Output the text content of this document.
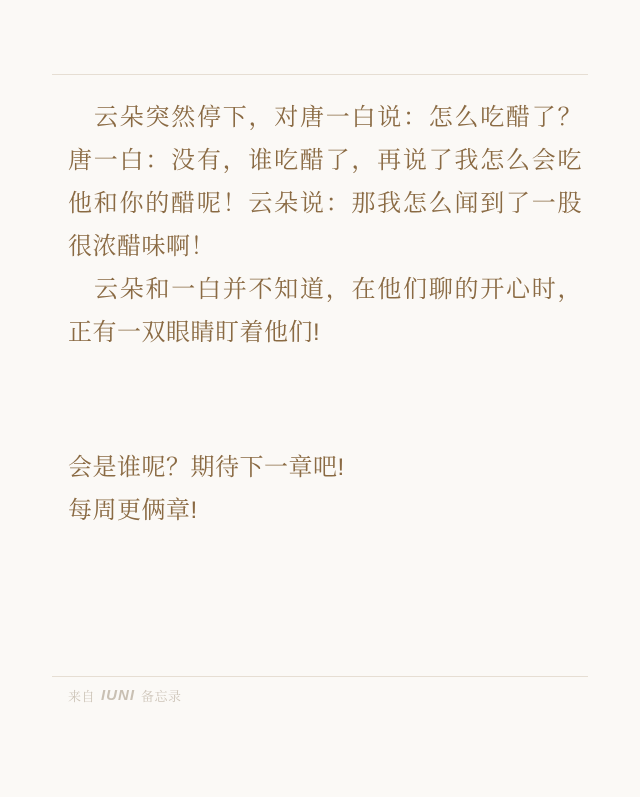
云朵突然停下，对唐一白说：怎么吃醋了？唐一白：没有，谁吃醋了，再说了我怎么会吃他和你的醋呢！云朵说：那我怎么闻到了一股很浓醋味啊！

云朵和一白并不知道，在他们聊的开心时，正有一双眼睛盯着他们!

会是谁呢？期待下一章吧!

每周更俩章!

来自 IUNI 备忘录
